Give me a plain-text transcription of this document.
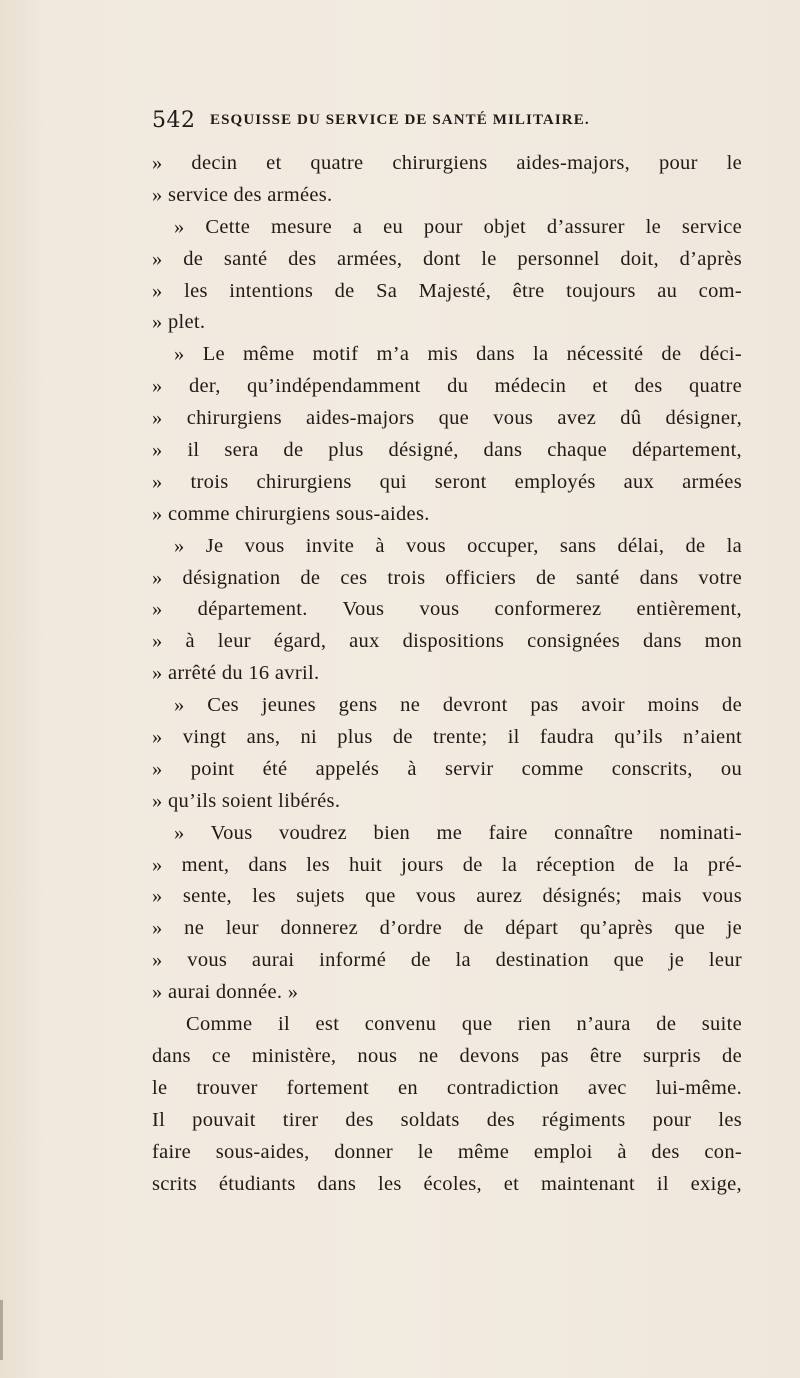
542 ESQUISSE DU SERVICE DE SANTÉ MILITAIRE.
» decin et quatre chirurgiens aides-majors, pour le
» service des armées.
» Cette mesure a eu pour objet d’assurer le service
» de santé des armées, dont le personnel doit, d’après
» les intentions de Sa Majesté, être toujours au com-
» plet.
» Le même motif m’a mis dans la nécessité de déci-
» der, qu’indépendamment du médecin et des quatre
» chirurgiens aides-majors que vous avez dû désigner,
» il sera de plus désigné, dans chaque département,
» trois chirurgiens qui seront employés aux armées
» comme chirurgiens sous-aides.
» Je vous invite à vous occuper, sans délai, de la
» désignation de ces trois officiers de santé dans votre
» département. Vous vous conformerez entièrement,
» à leur égard, aux dispositions consignées dans mon
» arrêté du 16 avril.
» Ces jeunes gens ne devront pas avoir moins de
» vingt ans, ni plus de trente; il faudra qu’ils n’aient
» point été appelés à servir comme conscrits, ou
» qu’ils soient libérés.
» Vous voudrez bien me faire connaître nominati-
» ment, dans les huit jours de la réception de la pré-
» sente, les sujets que vous aurez désignés; mais vous
» ne leur donnerez d’ordre de départ qu’après que je
» vous aurai informé de la destination que je leur
» aurai donnée. »
Comme il est convenu que rien n’aura de suite
dans ce ministère, nous ne devons pas être surpris de
le trouver fortement en contradiction avec lui-même.
Il pouvait tirer des soldats des régiments pour les
faire sous-aides, donner le même emploi à des con-
scrits étudiants dans les écoles, et maintenant il exige,
